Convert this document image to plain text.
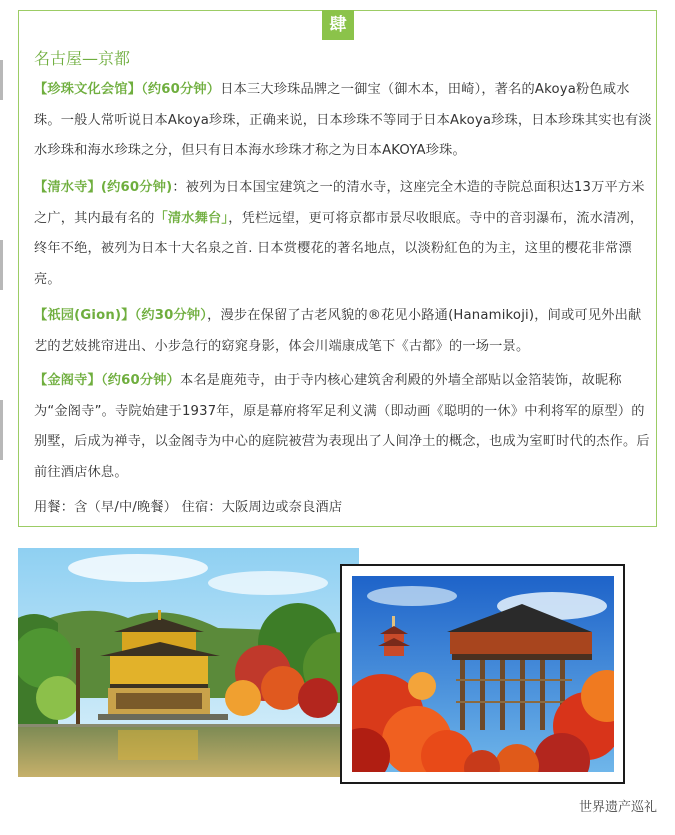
肆
名古屋—京都
【珍珠文化会馆】（约60分钟）日本三大珍珠品牌之一御宝（御木本，田崎），著名的Akoya粉色咸水珠。一般人常听说日本Akoya珍珠，正确来说，日本珍珠不等同于日本Akoya珍珠，日本珍珠其实也有淡水珍珠和海水珍珠之分，但只有日本海水珍珠才称之为日本AKOYA珍珠。
【清水寺】(约60分钟)：被列为日本国宝建筑之一的清水寺，这座完全木造的寺院总面积达13万平方米之广，其内最有名的「清水舞台」，凭栏远望，更可将京都市景尽收眼底。寺中的音羽瀑布，流水清冽，终年不绝，被列为日本十大名泉之首. 日本赏樱花的著名地点，以淡粉紅色的为主，这里的樱花非常漂亮。
【祇园(Gion)】（约30分钟），漫步在保留了古老风貌的®花见小路通(Hanamikoji)，间或可见外出献艺的艺妓挑帘进出、小步急行的窈窕身影，体会川端康成笔下《古都》的一场一景。
【金阁寺】（约60分钟）本名是鹿苑寺，由于寺内核心建筑舍利殿的外墙全部贴以金箔装饰，故昵称为“金阁寺”。寺院始建于1937年，原是幕府将军足利义满（即动画《聪明的一休》中利将军的原型）的别墅，后成为禅寺，以金阁寺为中心的庭院被营为表现出了人间净土的概念，也成为室町时代的杰作。后前往酒店休息。
用餐：含（早/中/晚餐） 住宿：大阪周边或奈良酒店
世界遗产巡礼
